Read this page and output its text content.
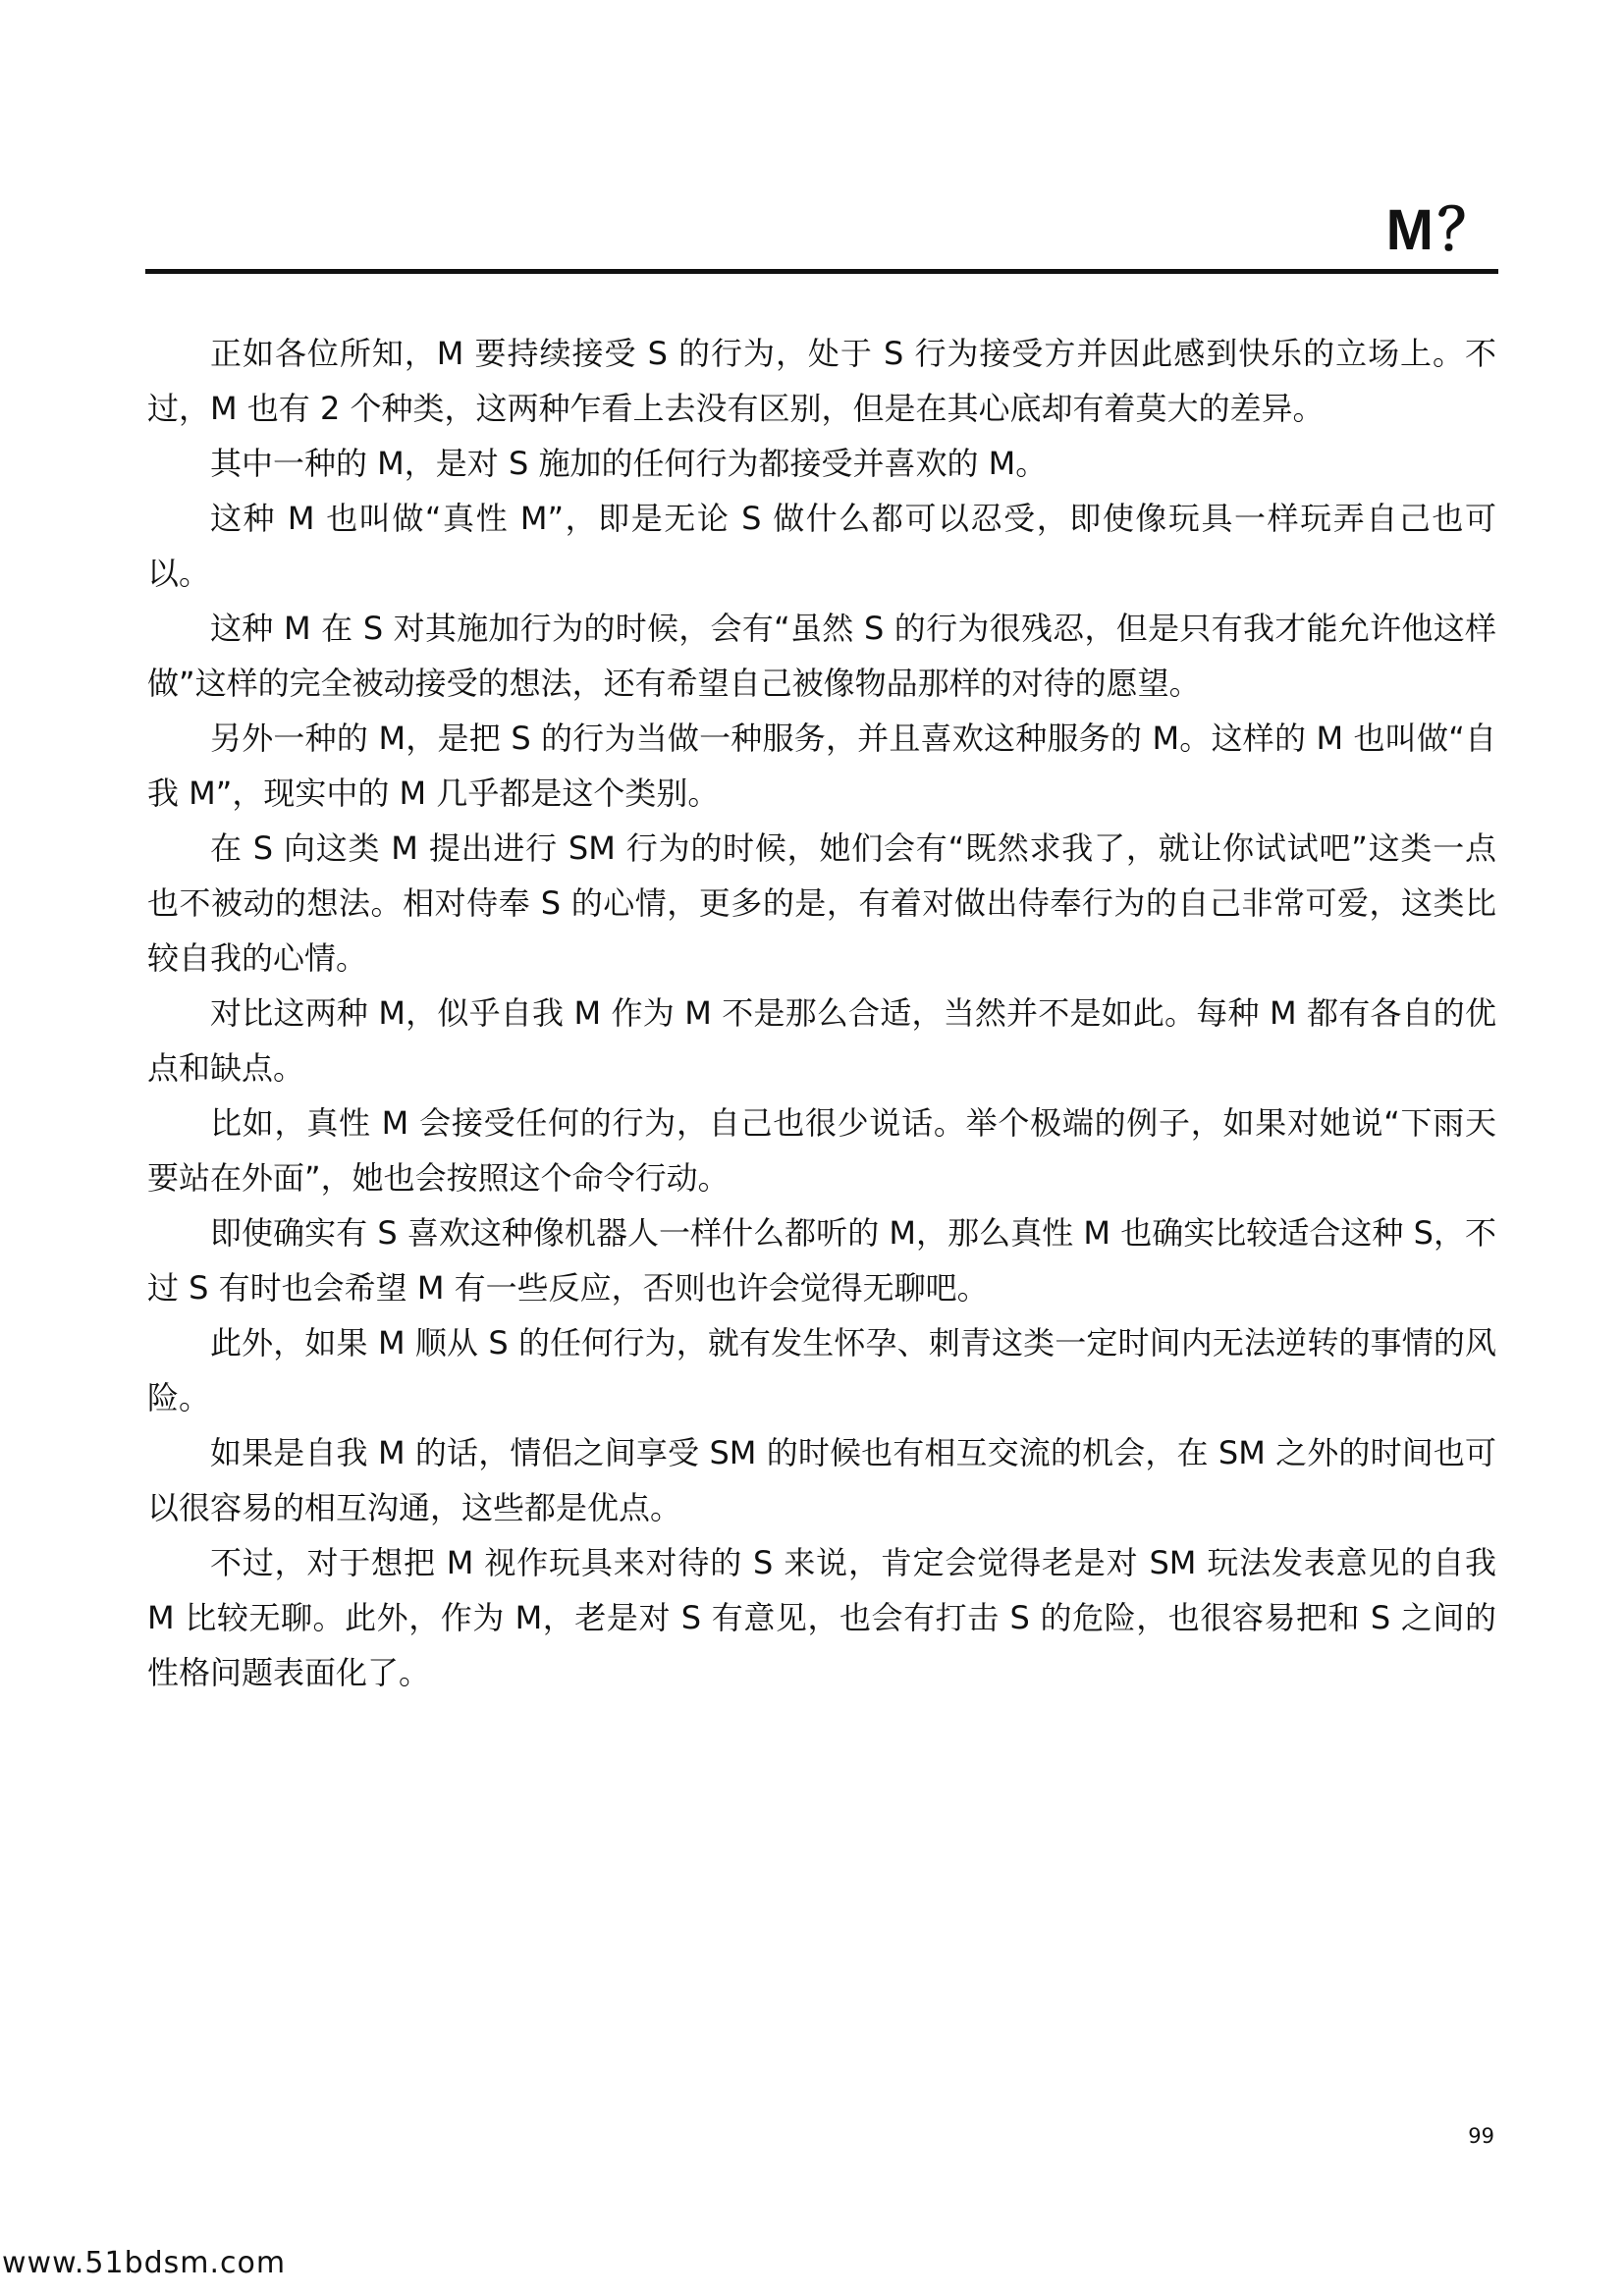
M？

正如各位所知，M 要持续接受 S 的行为，处于 S 行为接受方并因此感到快乐的立场上。不过，M 也有 2 个种类，这两种乍看上去没有区别，但是在其心底却有着莫大的差异。

其中一种的 M，是对 S 施加的任何行为都接受并喜欢的 M。

这种 M 也叫做“真性 M”，即是无论 S 做什么都可以忍受，即使像玩具一样玩弄自己也可以。

这种 M 在 S 对其施加行为的时候，会有“虽然 S 的行为很残忍，但是只有我才能允许他这样做”这样的完全被动接受的想法，还有希望自己被像物品那样的对待的愿望。

另外一种的 M，是把 S 的行为当做一种服务，并且喜欢这种服务的 M。这样的 M 也叫做“自我 M”，现实中的 M 几乎都是这个类别。

在 S 向这类 M 提出进行 SM 行为的时候，她们会有“既然求我了，就让你试试吧”这类一点也不被动的想法。相对侍奉 S 的心情，更多的是，有着对做出侍奉行为的自己非常可爱，这类比较自我的心情。

对比这两种 M，似乎自我 M 作为 M 不是那么合适，当然并不是如此。每种 M 都有各自的优点和缺点。

比如，真性 M 会接受任何的行为，自己也很少说话。举个极端的例子，如果对她说“下雨天要站在外面”，她也会按照这个命令行动。

即使确实有 S 喜欢这种像机器人一样什么都听的 M，那么真性 M 也确实比较适合这种 S，不过 S 有时也会希望 M 有一些反应，否则也许会觉得无聊吧。

此外，如果 M 顺从 S 的任何行为，就有发生怀孕、刺青这类一定时间内无法逆转的事情的风险。

如果是自我 M 的话，情侣之间享受 SM 的时候也有相互交流的机会，在 SM 之外的时间也可以很容易的相互沟通，这些都是优点。

不过，对于想把 M 视作玩具来对待的 S 来说，肯定会觉得老是对 SM 玩法发表意见的自我 M 比较无聊。此外，作为 M，老是对 S 有意见，也会有打击 S 的危险，也很容易把和 S 之间的性格问题表面化了。

99
www.51bdsm.com
